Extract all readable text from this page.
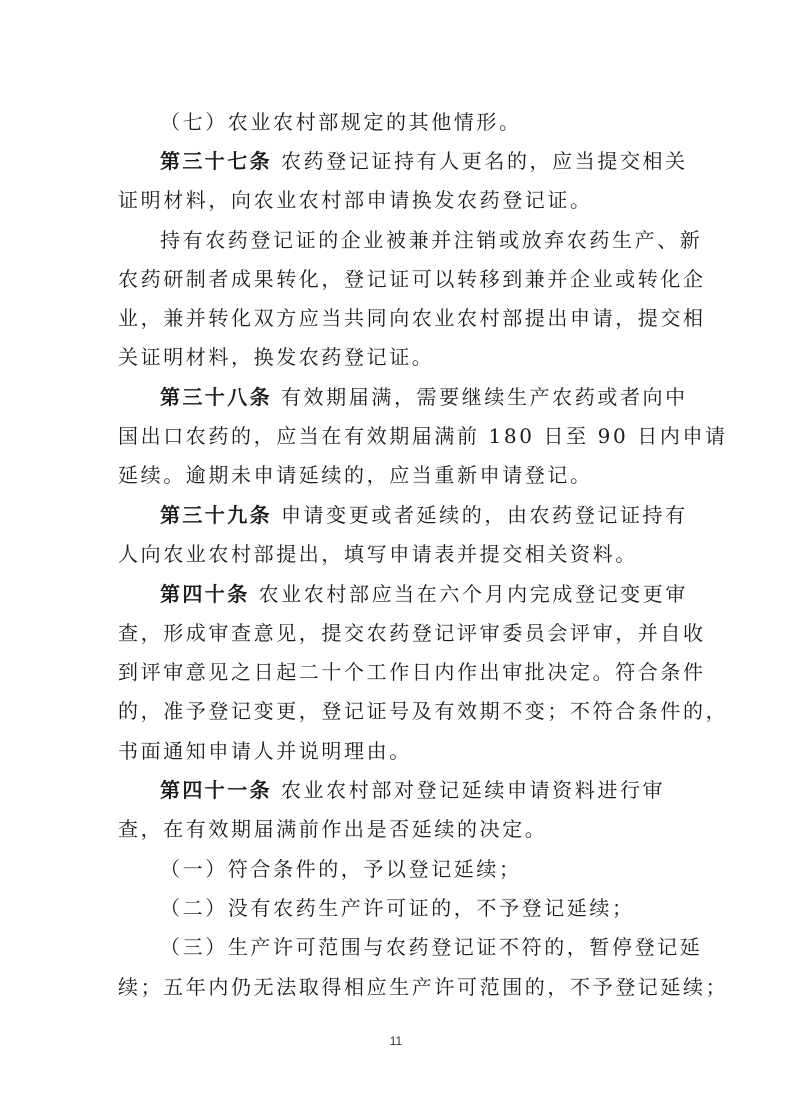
（七）农业农村部规定的其他情形。
第三十七条 农药登记证持有人更名的，应当提交相关
证明材料，向农业农村部申请换发农药登记证。
持有农药登记证的企业被兼并注销或放弃农药生产、新
农药研制者成果转化，登记证可以转移到兼并企业或转化企
业，兼并转化双方应当共同向农业农村部提出申请，提交相
关证明材料，换发农药登记证。
第三十八条 有效期届满，需要继续生产农药或者向中
国出口农药的，应当在有效期届满前 180 日至 90 日内申请
延续。逾期未申请延续的，应当重新申请登记。
第三十九条 申请变更或者延续的，由农药登记证持有
人向农业农村部提出，填写申请表并提交相关资料。
第四十条 农业农村部应当在六个月内完成登记变更审
查，形成审查意见，提交农药登记评审委员会评审，并自收
到评审意见之日起二十个工作日内作出审批决定。符合条件
的，准予登记变更，登记证号及有效期不变；不符合条件的，
书面通知申请人并说明理由。
第四十一条 农业农村部对登记延续申请资料进行审
查，在有效期届满前作出是否延续的决定。
（一）符合条件的，予以登记延续；
（二）没有农药生产许可证的，不予登记延续；
（三）生产许可范围与农药登记证不符的，暂停登记延
续；五年内仍无法取得相应生产许可范围的，不予登记延续；
11
